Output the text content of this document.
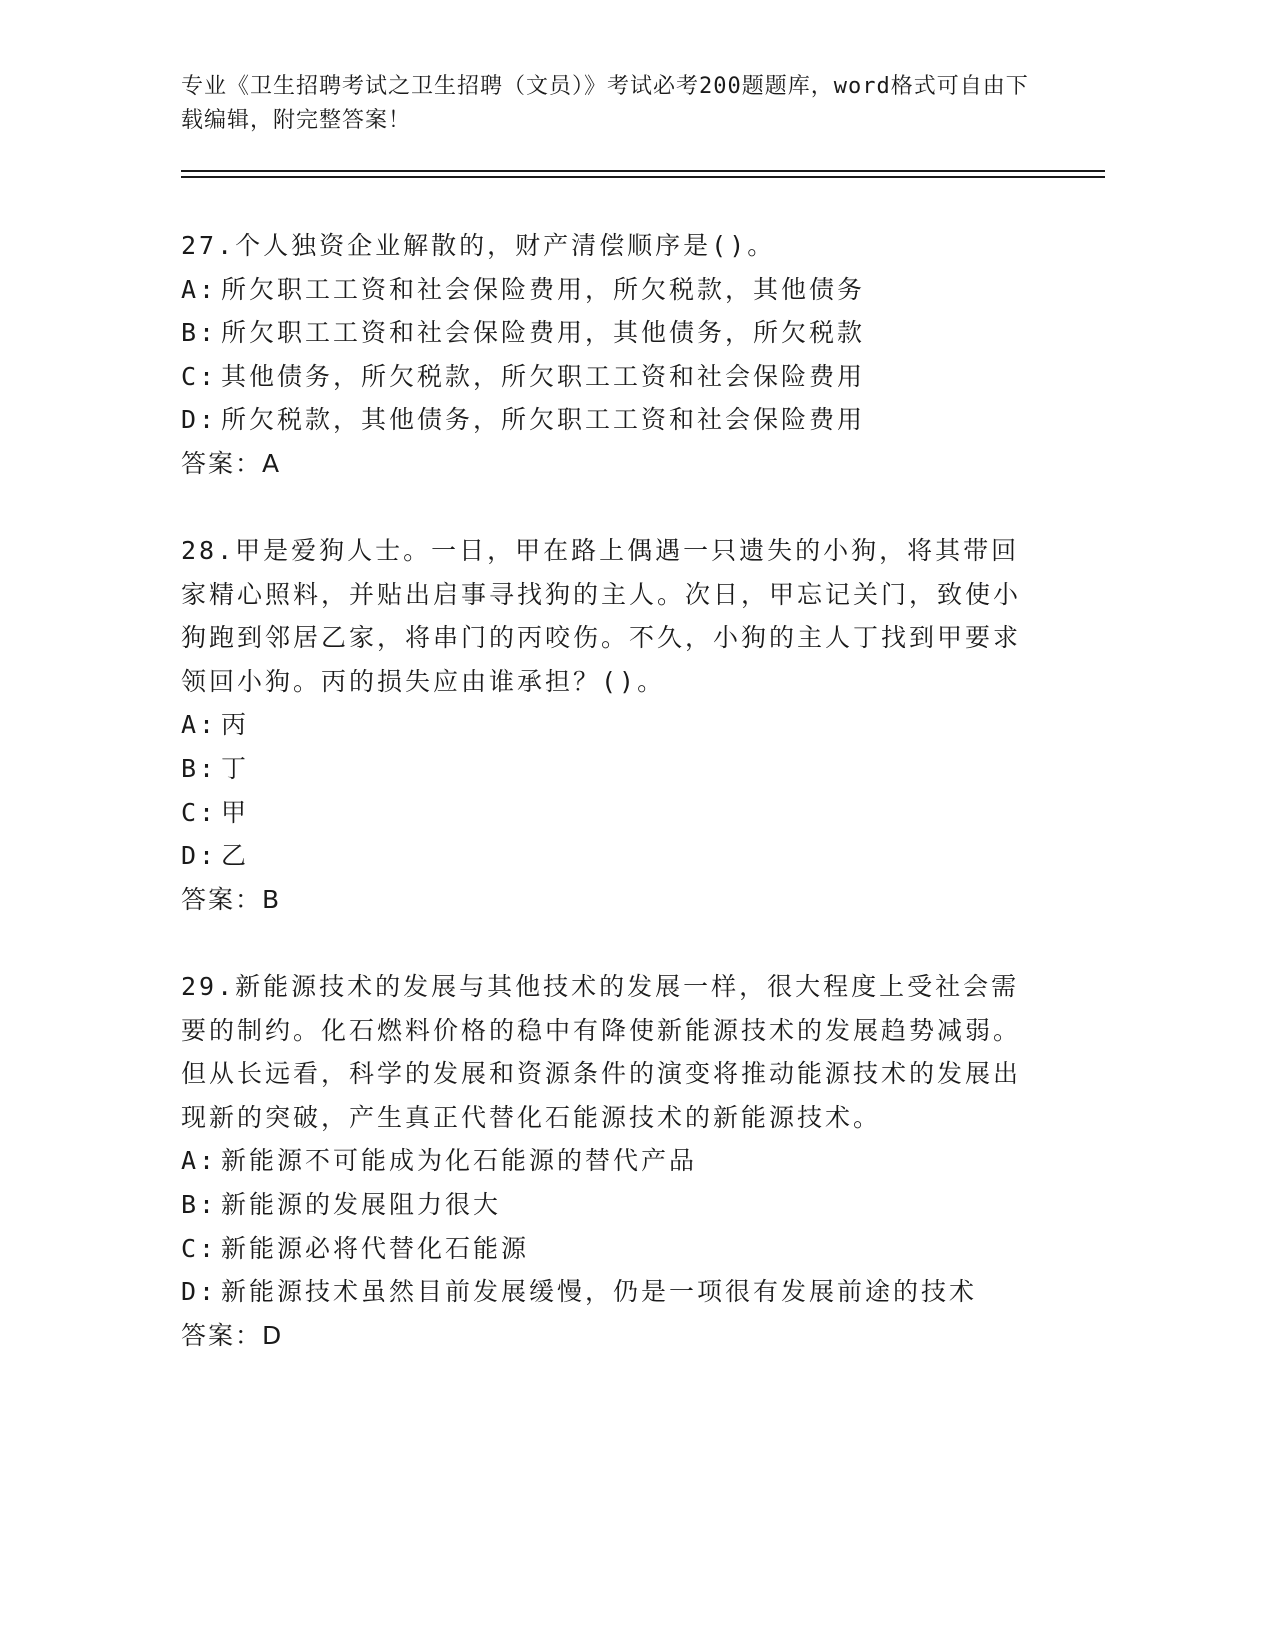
专业《卫生招聘考试之卫生招聘（文员）》考试必考200题题库，word格式可自由下载编辑，附完整答案！

27.个人独资企业解散的，财产清偿顺序是()。

A: 所欠职工工资和社会保险费用，所欠税款，其他债务
B: 所欠职工工资和社会保险费用，其他债务，所欠税款
C: 其他债务，所欠税款，所欠职工工资和社会保险费用
D: 所欠税款，其他债务，所欠职工工资和社会保险费用
答案：A

28.甲是爱狗人士。一日，甲在路上偶遇一只遗失的小狗，将其带回家精心照料，并贴出启事寻找狗的主人。次日，甲忘记关门，致使小狗跑到邻居乙家，将串门的丙咬伤。不久，小狗的主人丁找到甲要求领回小狗。丙的损失应由谁承担？()。

A: 丙
B: 丁
C: 甲
D: 乙
答案：B

29.新能源技术的发展与其他技术的发展一样，很大程度上受社会需要的制约。化石燃料价格的稳中有降使新能源技术的发展趋势减弱。但从长远看，科学的发展和资源条件的演变将推动能源技术的发展出现新的突破，产生真正代替化石能源技术的新能源技术。

A: 新能源不可能成为化石能源的替代产品
B: 新能源的发展阻力很大
C: 新能源必将代替化石能源
D: 新能源技术虽然目前发展缓慢，仍是一项很有发展前途的技术
答案：D
